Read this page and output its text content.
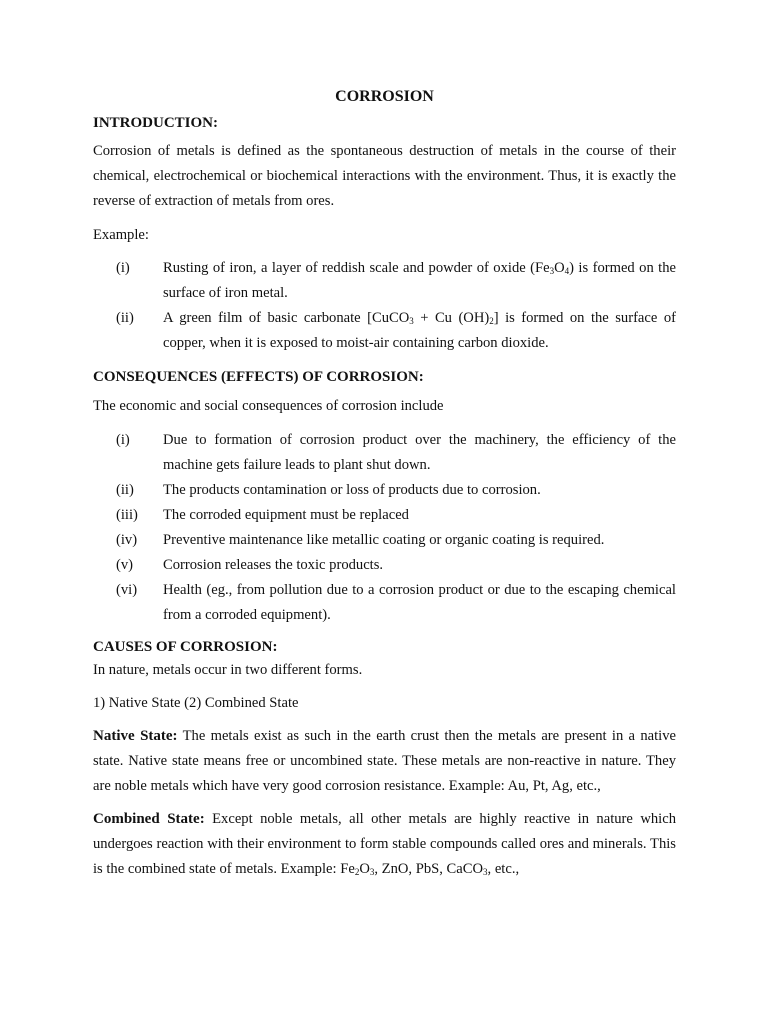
CORROSION
INTRODUCTION:

Corrosion of metals is defined as the spontaneous destruction of metals in the course of their chemical, electrochemical or biochemical interactions with the environment. Thus, it is exactly the reverse of extraction of metals from ores.

Example:

(i)	Rusting of iron, a layer of reddish scale and powder of oxide $(Fe_3O_4)$ is formed on the surface of iron metal.
(ii)	A green film of basic carbonate [CuCO$_3$ + Cu $(OH)_2$] is formed on the surface of copper, when it is exposed to moist-air containing carbon dioxide.
CONSEQUENCES (EFFECTS) OF CORROSION:

The economic and social consequences of corrosion include

(i)	Due to formation of corrosion product over the machinery, the efficiency of the machine gets failure leads to plant shut down.
(ii)	The products contamination or loss of products due to corrosion.
(iii)	The corroded equipment must be replaced
(iv)	Preventive maintenance like metallic coating or organic coating is required.
(v)	Corrosion releases the toxic products.
(vi)	Health (eg., from pollution due to a corrosion product or due to the escaping chemical from a corroded equipment).
CAUSES OF CORROSION:

In nature, metals occur in two different forms.

1) Native State (2) Combined State

Native State: The metals exist as such in the earth crust then the metals are present in a native state. Native state means free or uncombined state. These metals are non-reactive in nature. They are noble metals which have very good corrosion resistance. Example: Au, Pt, Ag, etc.,

Combined State: Except noble metals, all other metals are highly reactive in nature which undergoes reaction with their environment to form stable compounds called ores and minerals. This is the combined state of metals. Example: $Fe_2O_3$, ZnO, PbS, CaCO$_3$, etc.,
